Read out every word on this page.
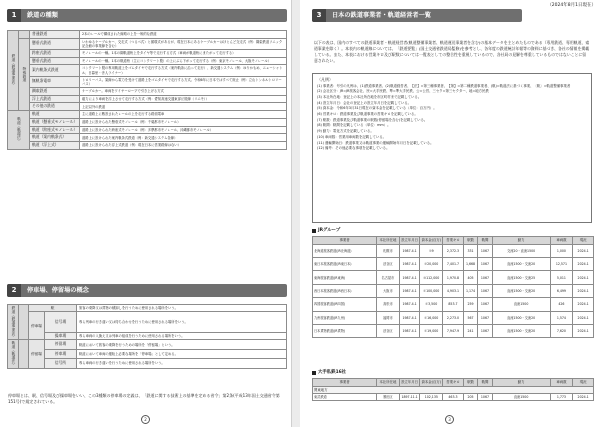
1	鉄道の種類
鉄道（鉄道事業法）		普通鉄道	2本のレールで構成された線路の上を一般的な鉄道
	特殊鉄道	懸垂式鉄道	いわゆるケーブルカー、交走式（つるべ式）と循環式があるが、現在日本にあるケーブルカーはほとんど交走式（例：鋼索鉄道ソニック記念館の事業線を含む）
		跨座式鉄道	モノレールの一種。1本の鋼軌道桁上をタイヤ等で走行する方式（車両が軌道桁にまたがって走行する）
		懸垂式鉄道	モノレールの一種。1本の軌道桁（主にコンクリート製）の上にぶら下がって走行する（例：東京モノレール、大阪モノレール）
		案内軌条式鉄道	コンクリート製の専用軌道上をゴムタイヤで走行する方式（案内軌条に沿って走行）、新交通システム（例：ゆりかもめ、ニューシャトル、日暮里・舎人ライナー）
		無軌条電車	トロリーバス。架線から電力を受けて道路上をゴムタイヤで走行する方式。令和6年に日本ではすべて廃止（例：立山トンネルトロリーバス）
		鋼索鉄道	ケーブルカー。車両をワイヤーロープで引き上げる方式
		浮上式鉄道	磁力により車両を浮上させて走行する方式（例：愛知高速交通東部丘陵線（リニモ））
		その他の鉄道	上記以外の鉄道
軌道（軌道法）		軌道	主に道路上に敷設されたレールの上を走行する路面電車
		軌道（懸垂式モノレール）	道路上に設けられた懸垂式モノレール（例：千葉都市モノレール）
		軌道（跨座式モノレール）	道路上に設けられた跨座式モノレール（例：多摩都市モノレール、沖縄都市モノレール）
		軌道（案内軌条式）	道路上に設けられた案内軌条式鉄道（例：新交通システム各線）
		軌道（浮上式）	道路上に設けられた浮上式鉄道（例：現在日本に営業路線はない）
2	停車場、停留場の概念
鉄道（鉄道事業法）		駅		旅客の乗降又は貨物の積卸しを行うために使用される場所をいう。
		停車場	信号場	専ら列車の行き違い又は待ち合わせを行うために使用される場所をいう。
			操車場	専ら車両の入換え又は列車の組成を行うために使用される場所をいう。
軌道（軌道法）		停留場	停留場	軌道において旅客の乗降を行うための場所を「停留場」という。
			停車場	軌道において車両の運転上必要な場所を「停車場」として定める。
			信号所	専ら車両の行き違いを行うために使用される場所をいう。
停車場とは、駅、信号場及び操車場をいい、この3種類の停車場の定義は、「鉄道に関する技術上の基準を定める省令」第2条(平成13年国土交通省令第151号)で規定されている。
2
3	日本の鉄道事業者・軌道経営者一覧
（2024年8月1日現在）
以下の表は、国内のすべての鉄道事業者・軌道経営者(軌道整備事業者、軌道運送事業者を含む)の基本データを主とめたものである（専用鉄道、専用軌道、索道事業を除く）。本表内の軌道線については、「鉄道要覧」(国土交通省鉄道局監修)を参考とし、各年度の鉄道統計年報等の資料に基づき、各社の情報を掲載している。また、本表における営業キロ及び駅数については一覧表としての整合性を重視しているので、各社局の見解を尊重しているものではないことに留意されたい。
〈凡例〉
(1) 事業者：号引の凡例は、(1)鉄道事業者、(2)軌道経営者、【法】=第三種事業者、【第】=第二種鉄道事業者、(軌)=軌道法に基づく事業、〔軌〕=軌道整備事業者
(2) 会社区分：JR=JR旅客会社、民=大手民鉄、準=準大手民鉄、公=公営、三セク=第三セクター、地=地方民鉄
(3) 本社所在地：登記上の本社所在地を市区町村まで記載している。
(4) 設立年月日：会社の登記上の設立年月日を記載している。
(5) 資本金：令和6年3月31日現在の資本金を記載している（単位：百万円）。
(6) 営業キロ：鉄道事業及び軌道事業の営業キロを記載している。
(7) 駅数：鉄道事業及び軌道事業の駅数(停留場を含む)を記載している。
(8) 軌間：軌間を記載している（単位：mm）。
(9) 動力：電化方式を記載している。
(10) 車両数：営業用車両数を記載している。
(11) 運輸開始日：鉄道事業又は軌道事業の運輸開始年月日を記載している。
(12) 備考：その他必要な事項を記載している。
JRグループ
事業者	本社所在地	設立年月日	資本金(百万)	営業キロ	駅数	軌間	動力	車両数	現況
北海道旅客鉄道(JR北海道)	札幌市	1987.4.1	①9	2,372.3	331	1067	交流20・直流1500	1,000	2024.1
東日本旅客鉄道(JR東日本)	渋谷区	1987.4.1	②20,000	7,401.7	1,668	1067	直流1500・交流20	12,571	2024.1
東海旅客鉄道(JR東海)	名古屋市	1987.4.1	③112,000	1,970.8	405	1067	直流1500・交流25	5,011	2024.1
西日本旅客鉄道(JR西日本)	大阪市	1987.4.1	①100,000	4,903.1	1,174	1067	直流1500・交流20	6,499	2024.1
四国旅客鉄道(JR四国)	高松市	1987.4.1	①3,500	853.7	259	1067	直流1500	426	2024.1
九州旅客鉄道(JR九州)	福岡市	1987.4.1	①16,000	2,273.0	567	1067	直流1500・交流20	1,574	2024.1
日本貨物鉄道(JR貨物)	渋谷区	1987.4.1	①19,000	7,947.9	241	1067	直流1500・交流20	7,620	2024.1
大手私鉄16社
事業者	本社所在地	設立年月日	資本金(百万)	営業キロ	駅数	軌間	動力	車両数	現況
関東地方									
東武鉄道	墨田区	1897.11.1	102,135	463.3	205	1067	直流1500	1,773	2024.1
3
